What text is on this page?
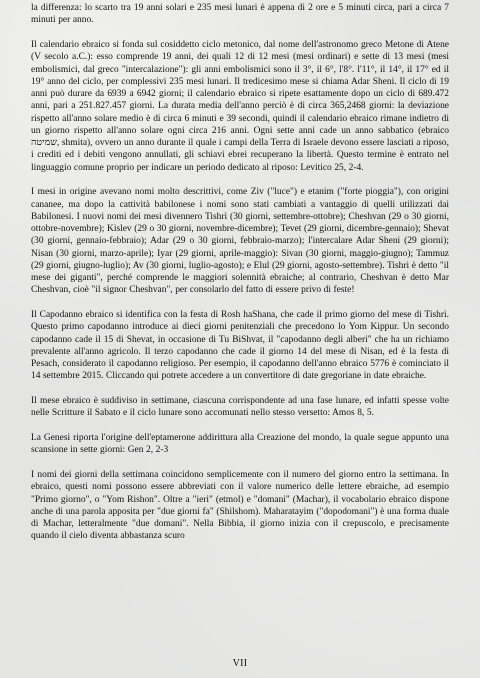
la differenza: lo scarto tra 19 anni solari e 235 mesi lunari è appena di 2 ore e 5 minuti circa, pari a circa 7 minuti per anno.

Il calendario ebraico si fonda sul cosiddetto ciclo metonico, dal nome dell'astronomo greco Metone di Atene (V secolo a.C.): esso comprende 19 anni, dei quali 12 di 12 mesi (mesi ordinari) e sette di 13 mesi (mesi embolismici, dal greco "intercalazione"): gli anni embolismici sono il 3°, il 6°, l'8°. l'11°, il 14°, il 17° ed il 19° anno del ciclo, per complessivi 235 mesi lunari. Il tredicesimo mese si chiama Adar Sheni. Il ciclo di 19 anni può durare da 6939 a 6942 giorni; il calendario ebraico si ripete esattamente dopo un ciclo di 689.472 anni, pari a 251.827.457 giorni. La durata media dell'anno perciò è di circa 365,2468 giorni: la deviazione rispetto all'anno solare medio è di circa 6 minuti e 39 secondi, quindi il calendario ebraico rimane indietro di un giorno rispetto all'anno solare ogni circa 216 anni. Ogni sette anni cade un anno sabbatico (ebraico שמיטה, shmita), ovvero un anno durante il quale i campi della Terra di Israele devono essere lasciati a riposo, i crediti ed i debiti vengono annullati, gli schiavi ebrei recuperano la libertà. Questo termine è entrato nel linguaggio comune proprio per indicare un periodo dedicato al riposo: Levitico 25, 2-4.

I mesi in origine avevano nomi molto descrittivi, come Ziv ("luce") e etanim ("forte pioggia"), con origini cananee, ma dopo la cattività babilonese i nomi sono stati cambiati a vantaggio di quelli utilizzati dai Babilonesi. I nuovi nomi dei mesi divennero Tishrì (30 giorni, settembre-ottobre); Cheshvan (29 o 30 giorni, ottobre-novembre); Kislev (29 o 30 giorni, novembre-dicembre); Tevet (29 giorni, dicembre-gennaio); Shevat (30 giorni, gennaio-febbraio); Adar (29 o 30 giorni, febbraio-marzo); l'intercalare Adar Sheni (29 giorni); Nisan (30 giorni, marzo-aprile); Iyar (29 giorni, aprile-maggio): Sivan (30 giorni, maggio-giugno); Tammuz (29 giorni, giugno-luglio); Av (30 giorni, luglio-agosto); e Elul (29 giorni, agosto-settembre). Tishrì è detto "il mese dei giganti", perché comprende le maggiori solennità ebraiche; al contrario, Cheshvan è detto Mar Cheshvan, cioè "il signor Cheshvan", per consolarlo del fatto di essere privo di feste!

Il Capodanno ebraico si identifica con la festa di Rosh haShana, che cade il primo giorno del mese di Tishrì. Questo primo capodanno introduce ai dieci giorni penitenziali che precedono lo Yom Kippur. Un secondo capodanno cade il 15 di Shevat, in occasione di Tu BiShvat, il "capodanno degli alberi" che ha un richiamo prevalente all'anno agricolo. Il terzo capodanno che cade il giorno 14 del mese di Nisan, ed è la festa di Pesach, considerato il capodanno religioso. Per esempio, il capodanno dell'anno ebraico 5776 è cominciato il 14 settembre 2015. Cliccando qui potrete accedere a un convertitore di date gregoriane in date ebraiche.

Il mese ebraico è suddiviso in settimane, ciascuna corrispondente ad una fase lunare, ed infatti spesse volte nelle Scritture il Sabato e il ciclo lunare sono accomunati nello stesso versetto: Amos 8, 5.

La Genesi riporta l'origine dell'eptamerone addirittura alla Creazione del mondo, la quale segue appunto una scansione in sette giorni: Gen 2, 2-3

I nomi dei giorni della settimana coincidono semplicemente con il numero del giorno entro la settimana. In ebraico, questi nomi possono essere abbreviati con il valore numerico delle lettere ebraiche, ad esempio "Primo giorno", o "Yom Rishon". Oltre a "ieri" (etmol) e "domani" (Machar), il vocabolario ebraico dispone anche di una parola apposita per "due giorni fa" (Shilshom). Maharatayim ("dopodomani") è una forma duale di Machar, letteralmente "due domani". Nella Bibbia, il giorno inizia con il crepuscolo, e precisamente quando il cielo diventa abbastanza scuro

VII
